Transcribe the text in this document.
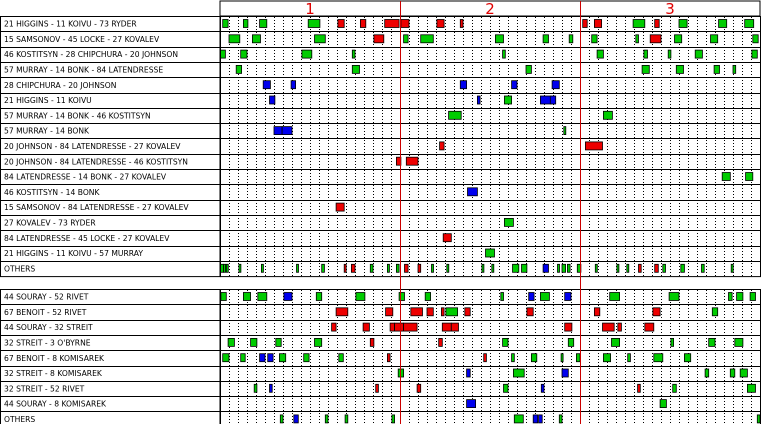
1	2	3
21 HIGGINS - 11 KOIVU - 73 RYDER
15 SAMSONOV - 45 LOCKE - 27 KOVALEV
46 KOSTITSYN - 28 CHIPCHURA - 20 JOHNSON
57 MURRAY - 14 BONK - 84 LATENDRESSE
28 CHIPCHURA - 20 JOHNSON
21 HIGGINS - 11 KOIVU
57 MURRAY - 14 BONK - 46 KOSTITSYN
57 MURRAY - 14 BONK
20 JOHNSON - 84 LATENDRESSE - 27 KOVALEV
20 JOHNSON - 84 LATENDRESSE - 46 KOSTITSYN
84 LATENDRESSE - 14 BONK - 27 KOVALEV
46 KOSTITSYN - 14 BONK
15 SAMSONOV - 84 LATENDRESSE - 27 KOVALEV
27 KOVALEV - 73 RYDER
84 LATENDRESSE - 45 LOCKE - 27 KOVALEV
21 HIGGINS - 11 KOIVU - 57 MURRAY
OTHERS
44 SOURAY - 52 RIVET
67 BENOIT - 52 RIVET
44 SOURAY - 32 STREIT
32 STREIT - 3 O'BYRNE
67 BENOIT - 8 KOMISAREK
32 STREIT - 8 KOMISAREK
32 STREIT - 52 RIVET
44 SOURAY - 8 KOMISAREK
OTHERS
